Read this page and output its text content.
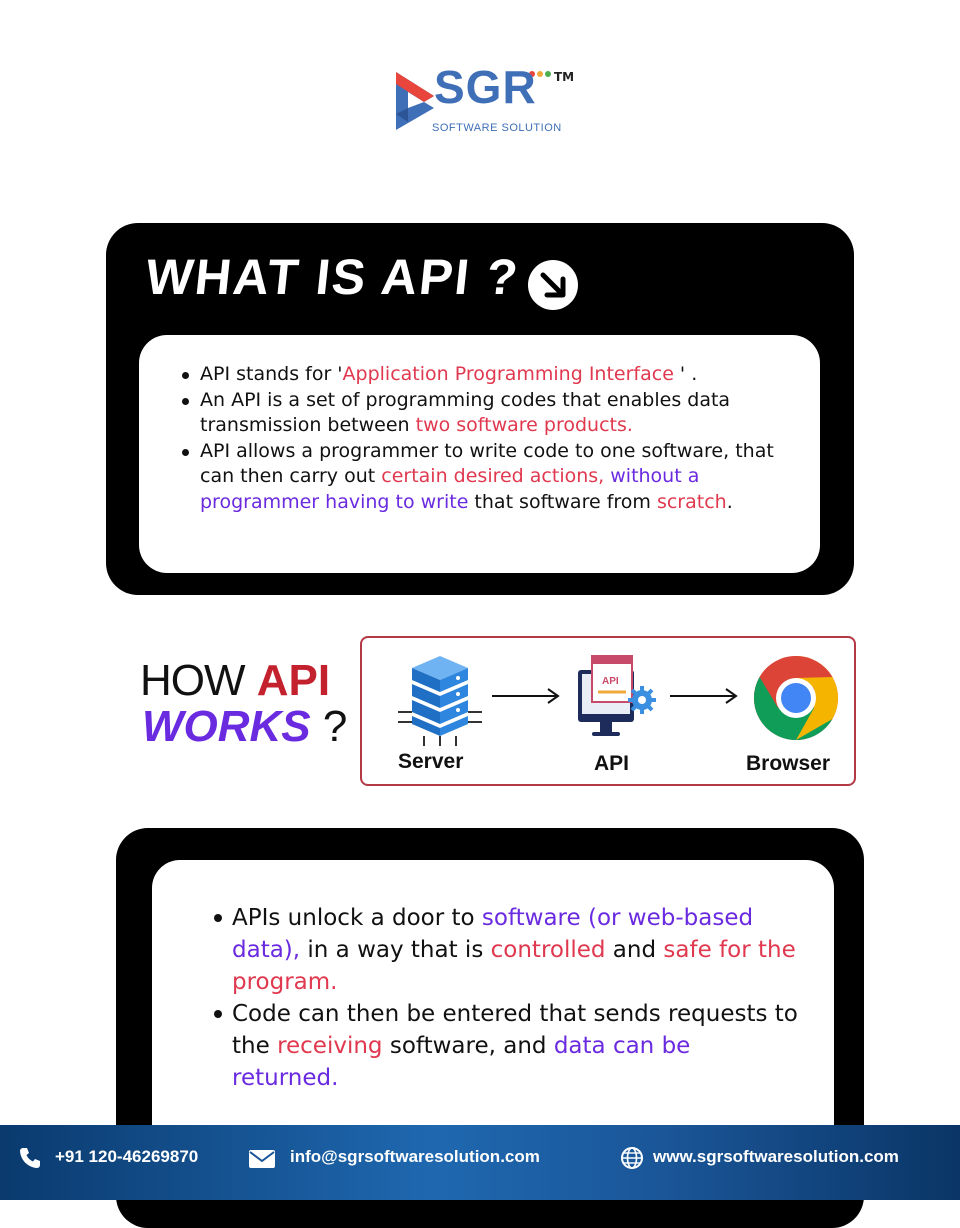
SGR TM
SOFTWARE SOLUTION
WHAT IS API ?
API stands for 'Application Programming Interface ' .
An API is a set of programming codes that enables data transmission between two software products.
API allows a programmer to write code to one software, that can then carry out certain desired actions, without a programmer having to write that software from scratch.
HOW API
WORKS ?
API
Server	API	Browser
APIs unlock a door to software (or web-based data), in a way that is controlled and safe for the program.
Code can then be entered that sends requests to the receiving software, and data can be returned.
+91 120-46269870	info@sgrsoftwaresolution.com	www.sgrsoftwaresolution.com
